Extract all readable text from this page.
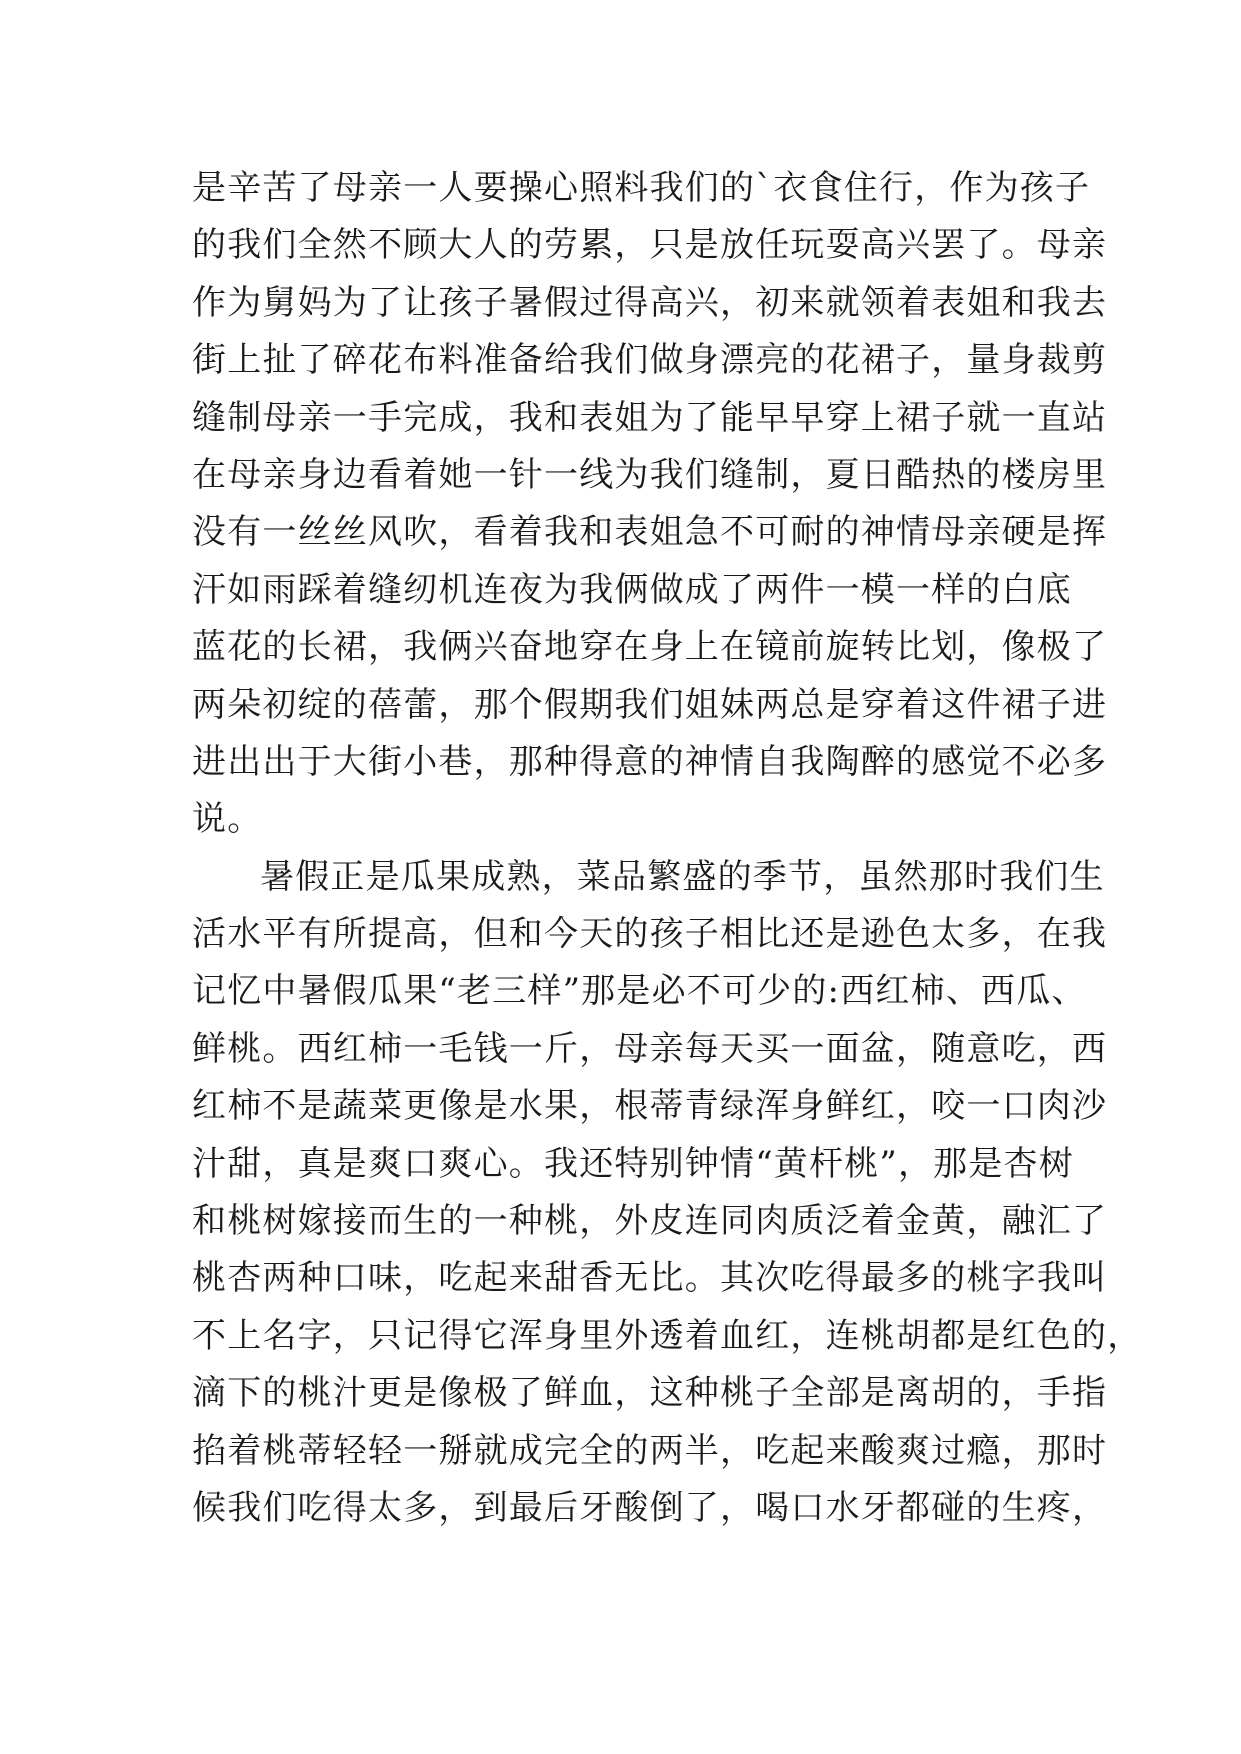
是辛苦了母亲一人要操心照料我们的`衣食住行，作为孩子
的我们全然不顾大人的劳累，只是放任玩耍高兴罢了。母亲
作为舅妈为了让孩子暑假过得高兴，初来就领着表姐和我去
街上扯了碎花布料准备给我们做身漂亮的花裙子，量身裁剪
缝制母亲一手完成，我和表姐为了能早早穿上裙子就一直站
在母亲身边看着她一针一线为我们缝制，夏日酷热的楼房里
没有一丝丝风吹，看着我和表姐急不可耐的神情母亲硬是挥
汗如雨踩着缝纫机连夜为我俩做成了两件一模一样的白底
蓝花的长裙，我俩兴奋地穿在身上在镜前旋转比划，像极了
两朵初绽的蓓蕾，那个假期我们姐妹两总是穿着这件裙子进
进出出于大街小巷，那种得意的神情自我陶醉的感觉不必多
说。
暑假正是瓜果成熟，菜品繁盛的季节，虽然那时我们生
活水平有所提高，但和今天的孩子相比还是逊色太多，在我
记忆中暑假瓜果“老三样”那是必不可少的:西红柿、西瓜、
鲜桃。西红柿一毛钱一斤，母亲每天买一面盆，随意吃，西
红柿不是蔬菜更像是水果，根蒂青绿浑身鲜红，咬一口肉沙
汁甜，真是爽口爽心。我还特别钟情“黄杆桃”，那是杏树
和桃树嫁接而生的一种桃，外皮连同肉质泛着金黄，融汇了
桃杏两种口味，吃起来甜香无比。其次吃得最多的桃字我叫
不上名字，只记得它浑身里外透着血红，连桃胡都是红色的，
滴下的桃汁更是像极了鲜血，这种桃子全部是离胡的，手指
掐着桃蒂轻轻一掰就成完全的两半，吃起来酸爽过瘾，那时
候我们吃得太多，到最后牙酸倒了，喝口水牙都碰的生疼，
